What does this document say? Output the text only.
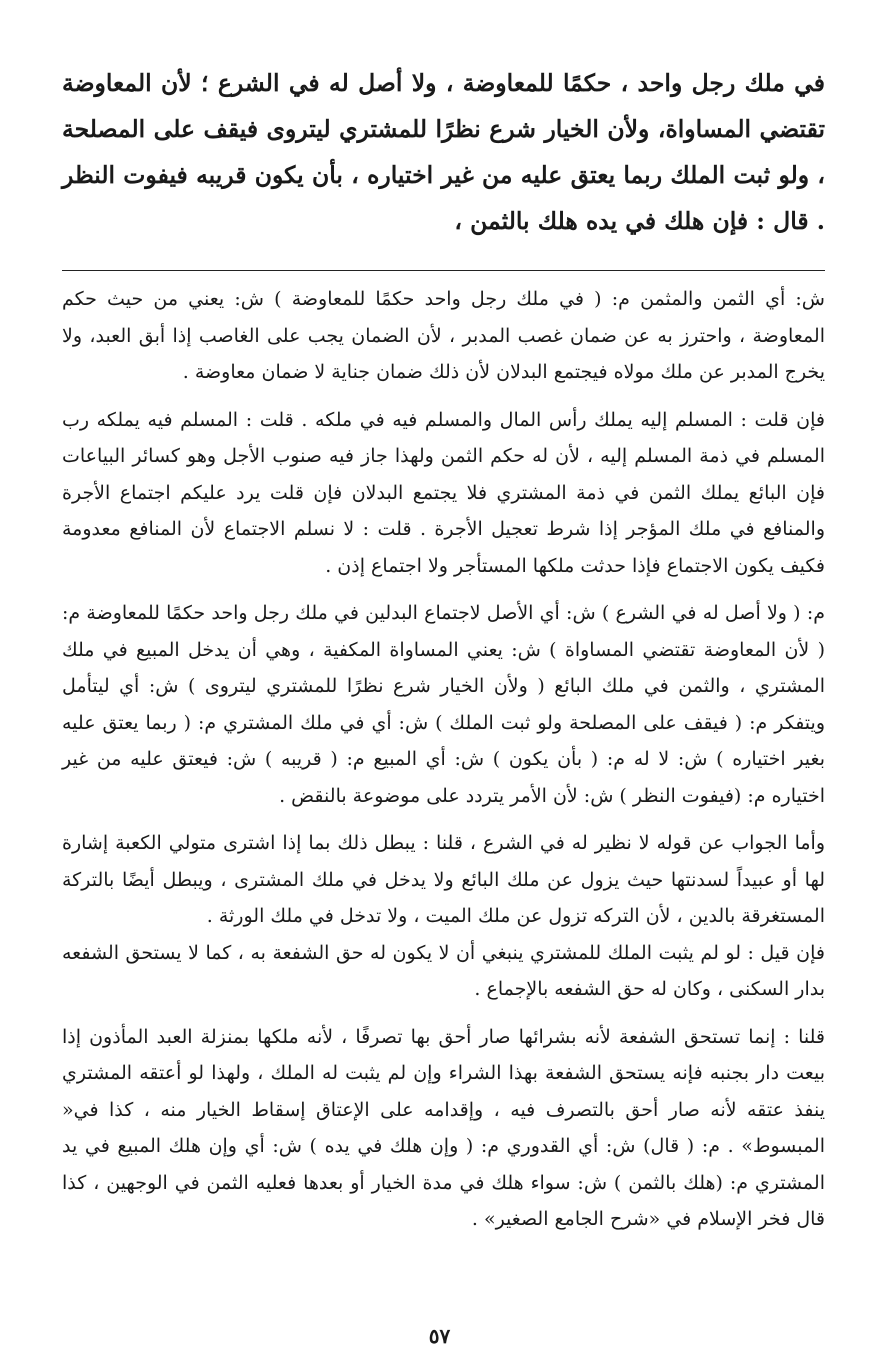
في ملك رجل واحد ، حكمًا للمعاوضة ، ولا أصل له في الشرع ؛ لأن المعاوضة تقتضي المساواة، ولأن الخيار شرع نظرًا للمشتري ليتروى فيقف على المصلحة ، ولو ثبت الملك ربما يعتق عليه من غير اختياره ، بأن يكون قريبه فيفوت النظر . قال : فإن هلك في يده هلك بالثمن ،

ش: أي الثمن والمثمن م: ( في ملك رجل واحد حكمًا للمعاوضة ) ش: يعني من حيث حكم المعاوضة ، واحترز به عن ضمان غصب المدبر ، لأن الضمان يجب على الغاصب إذا أبق العبد، ولا يخرج المدبر عن ملك مولاه فيجتمع البدلان لأن ذلك ضمان جناية لا ضمان معاوضة .

فإن قلت : المسلم إليه يملك رأس المال والمسلم فيه في ملكه . قلت : المسلم فيه يملكه رب المسلم في ذمة المسلم إليه ، لأن له حكم الثمن ولهذا جاز فيه صنوب الأجل وهو كسائر البياعات فإن البائع يملك الثمن في ذمة المشتري فلا يجتمع البدلان فإن قلت يرد عليكم اجتماع الأجرة والمنافع في ملك المؤجر إذا شرط تعجيل الأجرة . قلت : لا نسلم الاجتماع لأن المنافع معدومة فكيف يكون الاجتماع فإذا حدثت ملكها المستأجر ولا اجتماع إذن .

م: ( ولا أصل له في الشرع ) ش: أي الأصل لاجتماع البدلين في ملك رجل واحد حكمًا للمعاوضة م: ( لأن المعاوضة تقتضي المساواة ) ش: يعني المساواة المكفية ، وهي أن يدخل المبيع في ملك المشتري ، والثمن في ملك البائع ( ولأن الخيار شرع نظرًا للمشتري ليتروى ) ش: أي ليتأمل ويتفكر م: ( فيقف على المصلحة ولو ثبت الملك ) ش: أي في ملك المشتري م: ( ربما يعتق عليه بغير اختياره ) ش: لا له م: ( بأن يكون ) ش: أي المبيع م: ( قريبه ) ش: فيعتق عليه من غير اختياره م: (فيفوت النظر ) ش: لأن الأمر يتردد على موضوعة بالنقض .

وأما الجواب عن قوله لا نظير له في الشرع ، قلنا : يبطل ذلك بما إذا اشترى متولي الكعبة إشارة لها أو عبيداً لسدنتها حيث يزول عن ملك البائع ولا يدخل في ملك المشترى ، ويبطل أيضًا بالتركة المستغرقة بالدين ، لأن التركه تزول عن ملك الميت ، ولا تدخل في ملك الورثة .

فإن قيل : لو لم يثبت الملك للمشتري ينبغي أن لا يكون له حق الشفعة به ، كما لا يستحق الشفعه بدار السكنى ، وكان له حق الشفعه بالإجماع .

قلنا : إنما تستحق الشفعة لأنه بشرائها صار أحق بها تصرفًا ، لأنه ملكها بمنزلة العبد المأذون إذا بيعت دار بجنبه فإنه يستحق الشفعة بهذا الشراء وإن لم يثبت له الملك ، ولهذا لو أعتقه المشتري ينفذ عتقه لأنه صار أحق بالتصرف فيه ، وإقدامه على الإعتاق إسقاط الخيار منه ، كذا في« المبسوط» . م: ( قال) ش: أي القدوري م: ( وإن هلك في يده ) ش: أي وإن هلك المبيع في يد المشتري م: (هلك بالثمن ) ش: سواء هلك في مدة الخيار أو بعدها فعليه الثمن في الوجهين ، كذا قال فخر الإسلام في «شرح الجامع الصغير» .

٥٧
